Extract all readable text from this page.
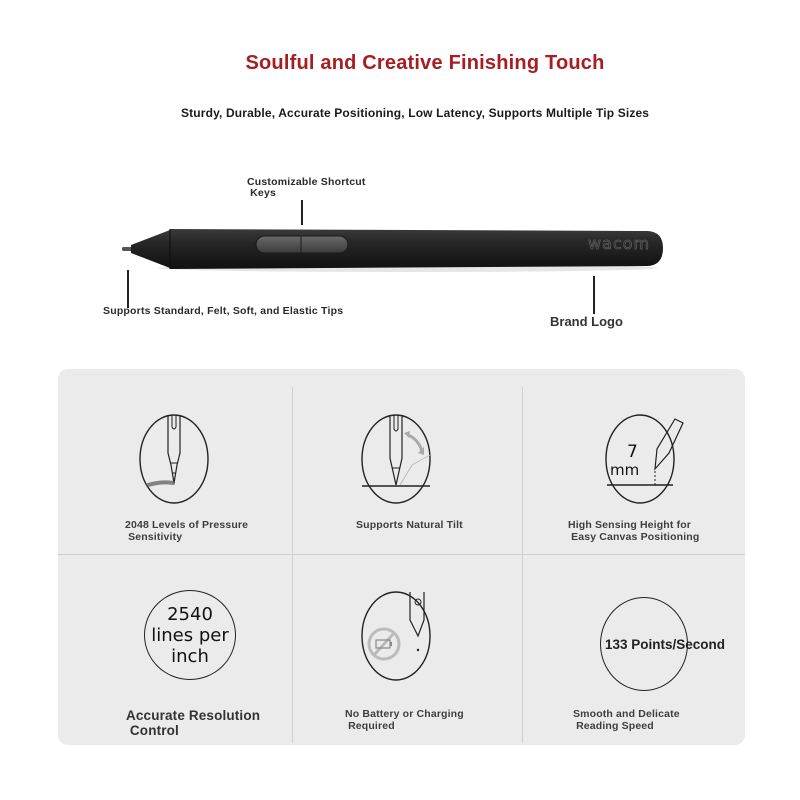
Soulful and Creative Finishing Touch
Sturdy, Durable, Accurate Positioning, Low Latency, Supports Multiple Tip Sizes
Customizable Shortcut
Keys
wacom
Supports Standard, Felt, Soft, and Elastic Tips
Brand Logo
2048 Levels of Pressure
Sensitivity
Supports Natural Tilt
7
mm
High Sensing Height for
Easy Canvas Positioning
2540
lines per
inch
Accurate Resolution
Control
No Battery or Charging
Required
133 Points/Second
Smooth and Delicate
Reading Speed
